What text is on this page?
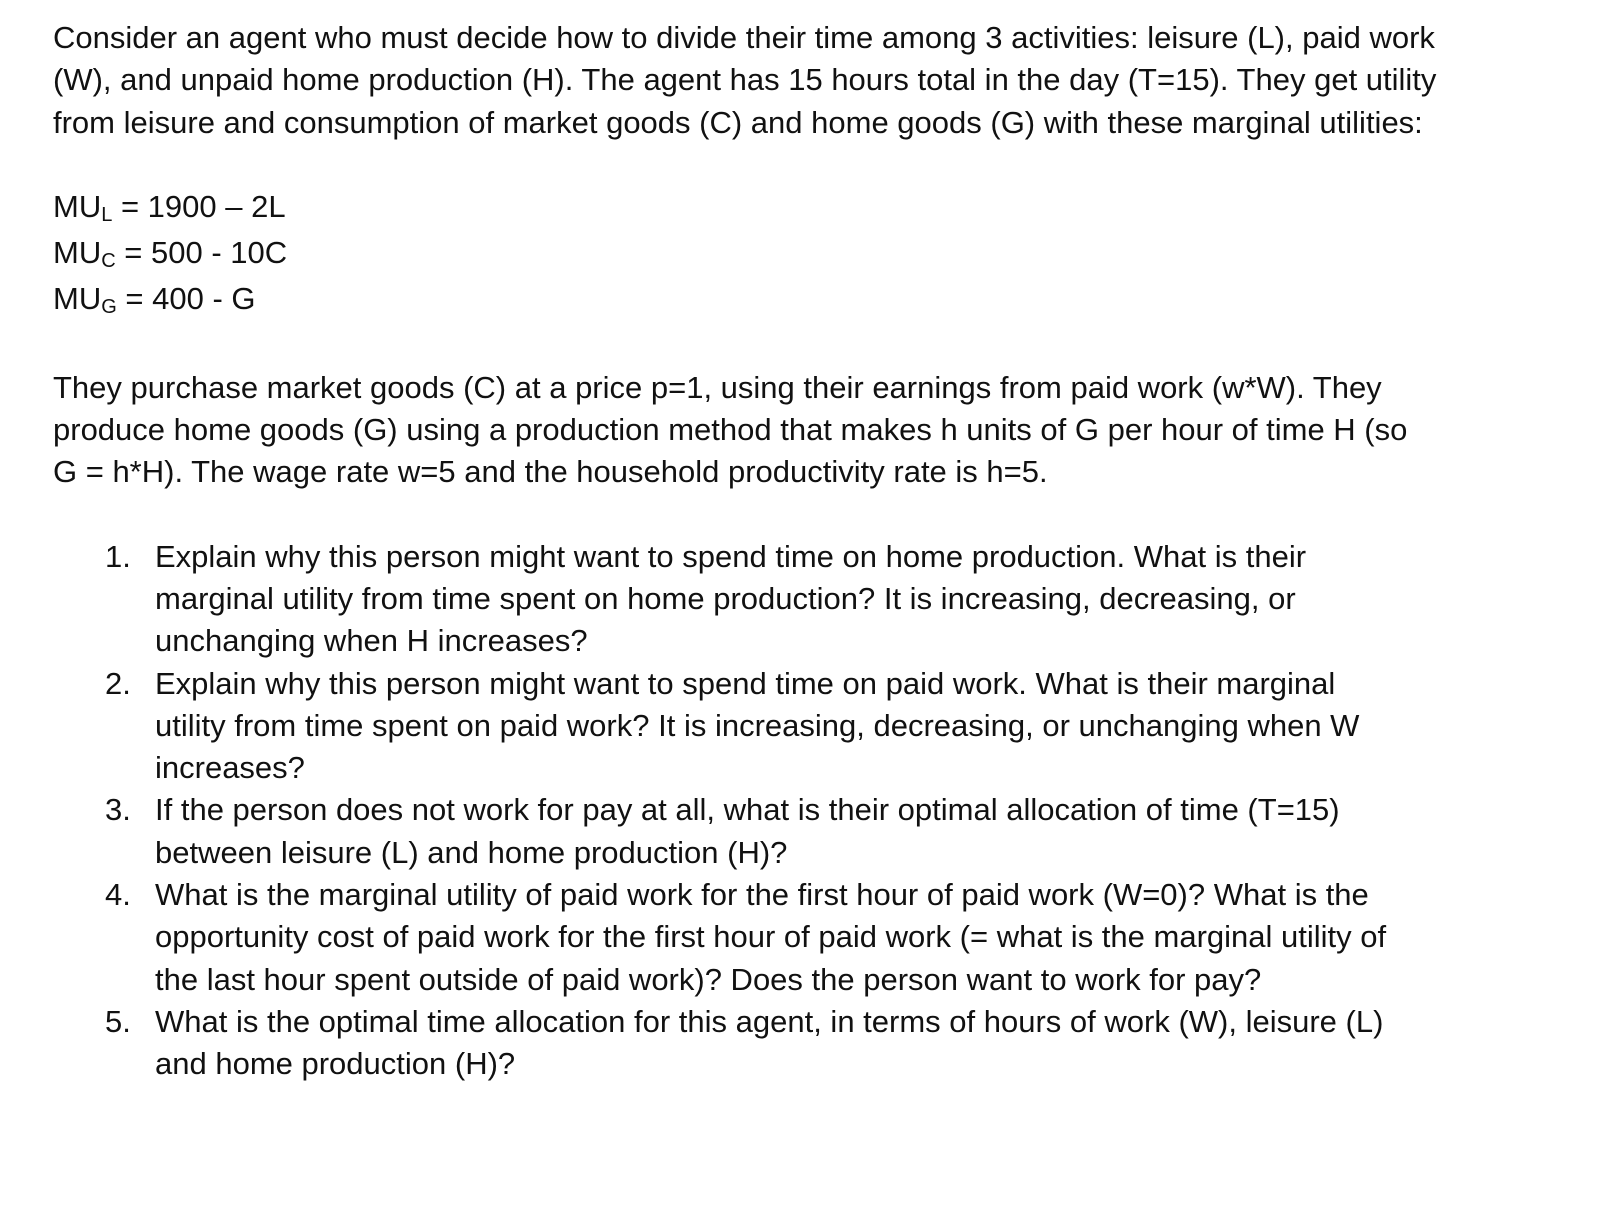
Consider an agent who must decide how to divide their time among 3 activities: leisure (L), paid work (W), and unpaid home production (H). The agent has 15 hours total in the day (T=15). They get utility from leisure and consumption of market goods (C) and home goods (G) with these marginal utilities:

MUL = 1900 – 2L
MUC = 500 - 10C
MUG = 400 - G

They purchase market goods (C) at a price p=1, using their earnings from paid work (w*W). They produce home goods (G) using a production method that makes h units of G per hour of time H (so G = h*H). The wage rate w=5 and the household productivity rate is h=5.

1. Explain why this person might want to spend time on home production. What is their marginal utility from time spent on home production? It is increasing, decreasing, or unchanging when H increases?
2. Explain why this person might want to spend time on paid work. What is their marginal utility from time spent on paid work? It is increasing, decreasing, or unchanging when W increases?
3. If the person does not work for pay at all, what is their optimal allocation of time (T=15) between leisure (L) and home production (H)?
4. What is the marginal utility of paid work for the first hour of paid work (W=0)? What is the opportunity cost of paid work for the first hour of paid work (= what is the marginal utility of the last hour spent outside of paid work)? Does the person want to work for pay?
5. What is the optimal time allocation for this agent, in terms of hours of work (W), leisure (L) and home production (H)?
